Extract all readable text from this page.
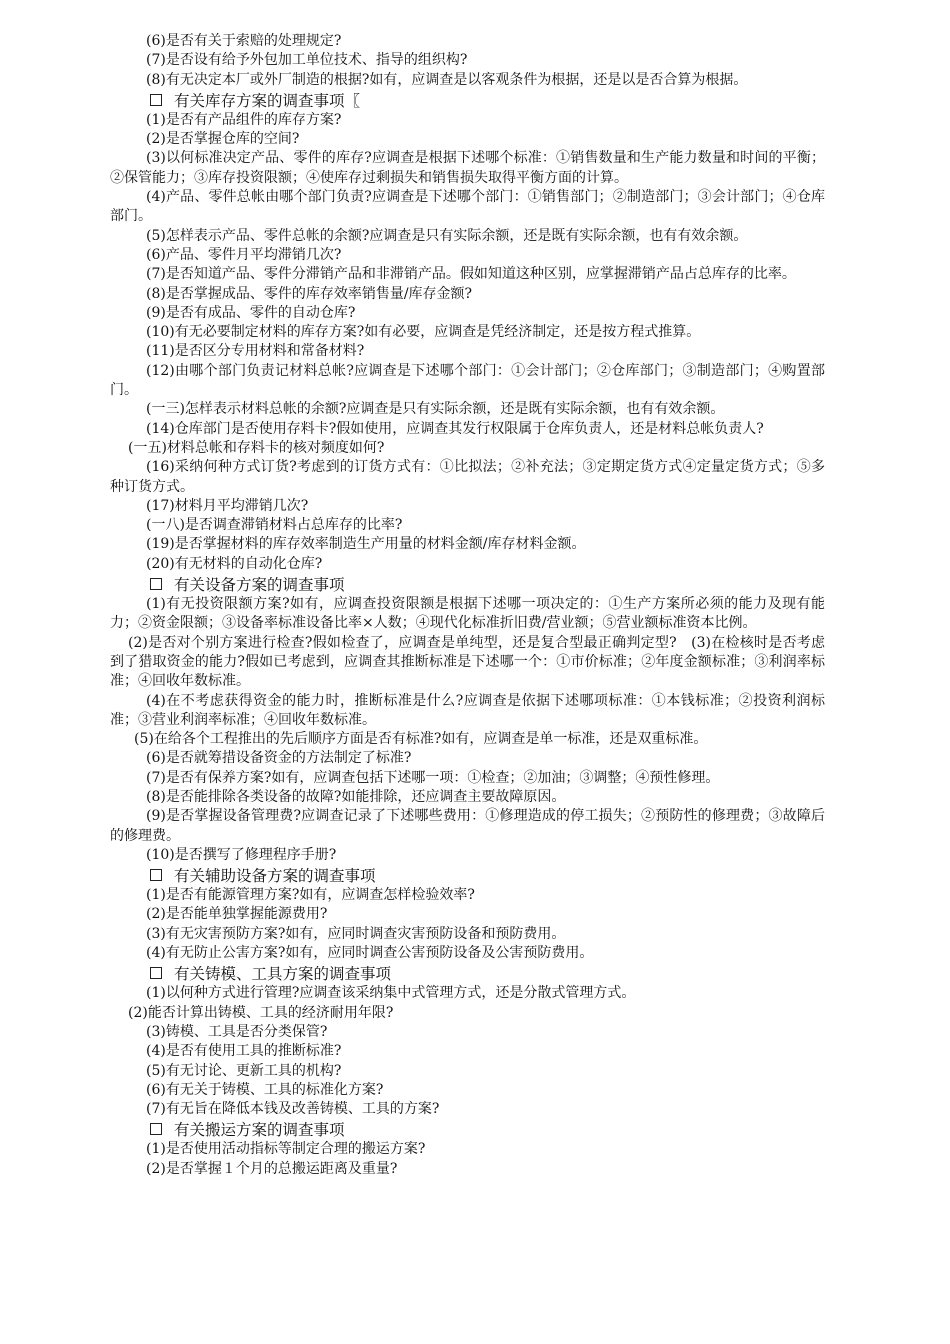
(6)是否有关于索赔的处理规定?

(7)是否设有给予外包加工单位技术、指导的组织构?

(8)有无决定本厂或外厂制造的根据?如有，应调查是以客观条件为根据，还是以是否合算为根据。

有关库存方案的调查事项〖

(1)是否有产品组件的库存方案?

(2)是否掌握仓库的空间?

(3)以何标准决定产品、零件的库存?应调查是根据下述哪个标准：①销售数量和生产能力数量和时间的平衡；②保管能力；③库存投资限额；④使库存过剩损失和销售损失取得平衡方面的计算。

(4)产品、零件总帐由哪个部门负责?应调查是下述哪个部门：①销售部门；②制造部门；③会计部门；④仓库部门。

(5)怎样表示产品、零件总帐的余额?应调查是只有实际余额，还是既有实际余额，也有有效余额。

(6)产品、零件月平均滞销几次?

(7)是否知道产品、零件分滞销产品和非滞销产品。假如知道这种区别，应掌握滞销产品占总库存的比率。

(8)是否掌握成品、零件的库存效率销售量/库存金额?

(9)是否有成品、零件的自动仓库?

(10)有无必要制定材料的库存方案?如有必要，应调查是凭经济制定，还是按方程式推算。

(11)是否区分专用材料和常备材料?

(12)由哪个部门负责记材料总帐?应调查是下述哪个部门：①会计部门；②仓库部门；③制造部门；④购置部门。

(一三)怎样表示材料总帐的余额?应调查是只有实际余额，还是既有实际余额，也有有效余额。

(14)仓库部门是否使用存料卡?假如使用，应调查其发行权限属于仓库负责人，还是材料总帐负责人?

(一五)材料总帐和存料卡的核对频度如何?

(16)采纳何种方式订货?考虑到的订货方式有：①比拟法；②补充法；③定期定货方式④定量定货方式；⑤多种订货方式。

(17)材料月平均滞销几次?

(一八)是否调查滞销材料占总库存的比率?

(19)是否掌握材料的库存效率制造生产用量的材料金额/库存材料金额。

(20)有无材料的自动化仓库?

有关设备方案的调查事项

(1)有无投资限额方案?如有，应调查投资限额是根据下述哪一项决定的：①生产方案所必须的能力及现有能力；②资金限额；③设备率标准设备比率×人数；④现代化标准折旧费/营业额；⑤营业额标准资本比例。

(2)是否对个别方案进行检查?假如检查了，应调查是单纯型，还是复合型最正确判定型?　(3)在检核时是否考虑到了猎取资金的能力?假如已考虑到，应调查其推断标准是下述哪一个：①市价标准；②年度金额标准；③利润率标准；④回收年数标准。

(4)在不考虑获得资金的能力时，推断标准是什么?应调查是依据下述哪项标准：①本钱标准；②投资利润标准；③营业利润率标准；④回收年数标准。

(5)在给各个工程推出的先后顺序方面是否有标准?如有，应调查是单一标准，还是双重标准。

(6)是否就筹措设备资金的方法制定了标准?

(7)是否有保养方案?如有，应调查包括下述哪一项：①检查；②加油；③调整；④预性修理。

(8)是否能排除各类设备的故障?如能排除，还应调查主要故障原因。

(9)是否掌握设备管理费?应调查记录了下述哪些费用：①修理造成的停工损失；②预防性的修理费；③故障后的修理费。

(10)是否撰写了修理程序手册?

有关辅助设备方案的调查事项

(1)是否有能源管理方案?如有，应调查怎样检验效率?

(2)是否能单独掌握能源费用?

(3)有无灾害预防方案?如有，应同时调查灾害预防设备和预防费用。

(4)有无防止公害方案?如有，应同时调查公害预防设备及公害预防费用。

有关铸模、工具方案的调查事项

(1)以何种方式进行管理?应调查该采纳集中式管理方式，还是分散式管理方式。

(2)能否计算出铸模、工具的经济耐用年限?

(3)铸模、工具是否分类保管?

(4)是否有使用工具的推断标准?

(5)有无讨论、更新工具的机构?

(6)有无关于铸模、工具的标准化方案?

(7)有无旨在降低本钱及改善铸模、工具的方案?

有关搬运方案的调查事项

(1)是否使用活动指标等制定合理的搬运方案?

(2)是否掌握１个月的总搬运距离及重量?
